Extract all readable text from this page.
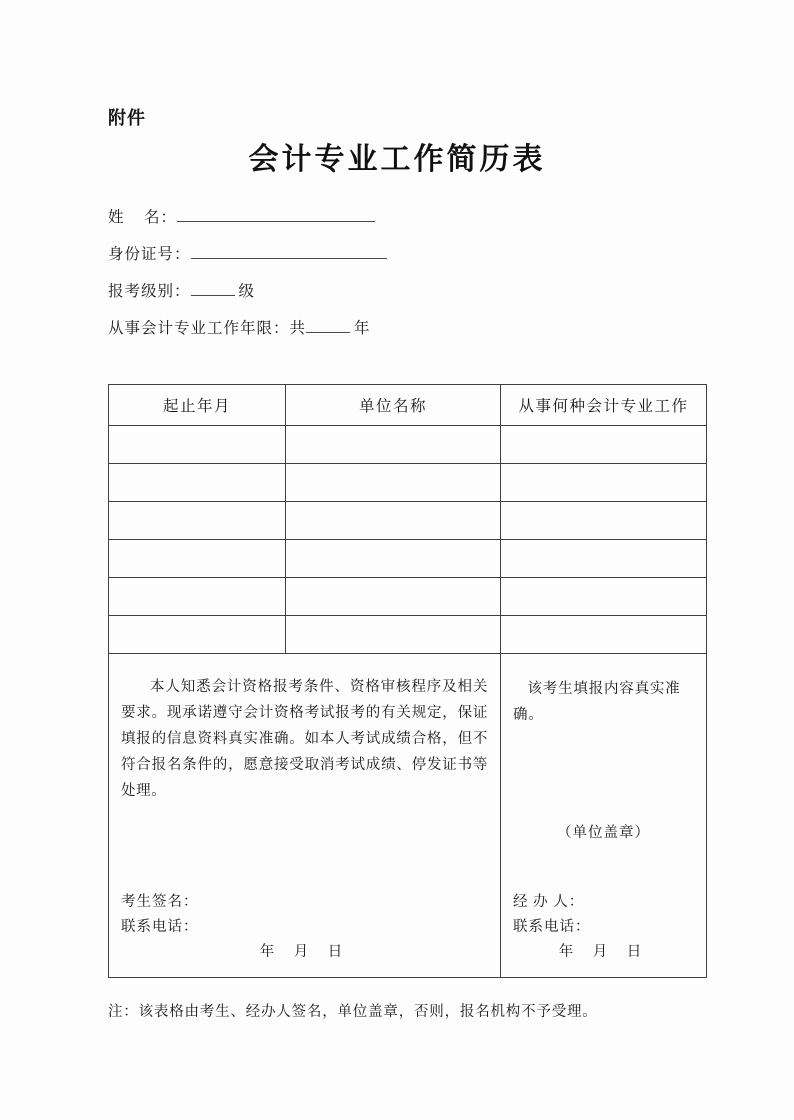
附件
会计专业工作简历表
姓    名：
身份证号：
报考级别：	级
从事会计专业工作年限：共	年
起止年月	单位名称	从事何种会计专业工作

本人知悉会计资格报考条件、资格审核程序及相关要求。现承诺遵守会计资格考试报考的有关规定，保证填报的信息资料真实准确。如本人考试成绩合格，但不符合报名条件的，愿意接受取消考试成绩、停发证书等处理。

考生签名：
联系电话：
年    月    日

该考生填报内容真实准确。
（单位盖章）
经 办 人：
联系电话：
年    月    日
注：该表格由考生、经办人签名，单位盖章，否则，报名机构不予受理。
